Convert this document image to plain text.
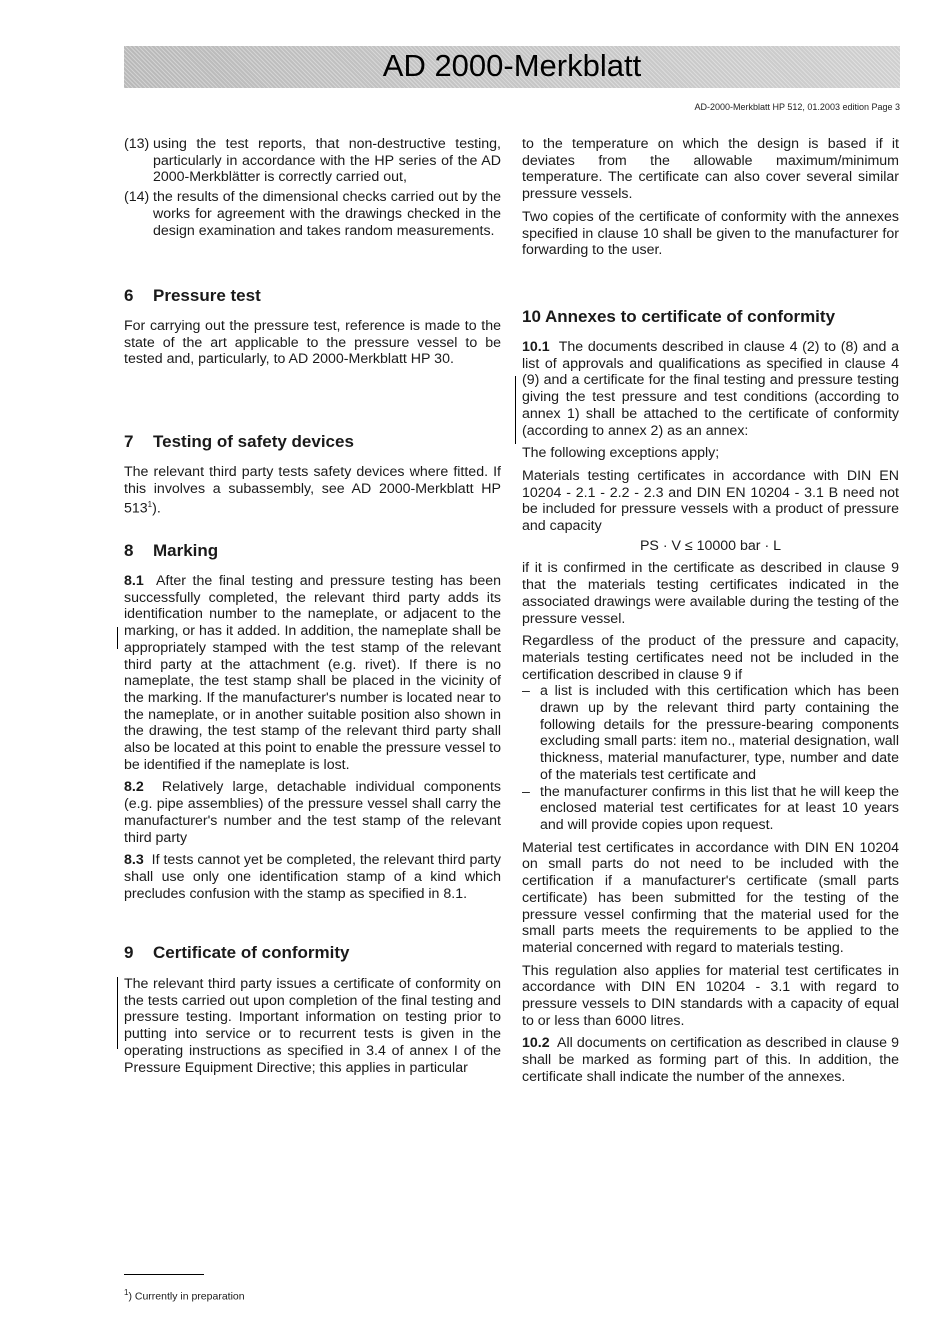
AD 2000-Merkblatt
AD-2000-Merkblatt HP 512, 01.2003 edition Page 3
(13) using the test reports, that non-destructive testing, particularly in accordance with the HP series of the AD 2000-Merkblätter is correctly carried out,
(14) the results of the dimensional checks carried out by the works for agreement with the drawings checked in the design examination and takes random measurements.
6 Pressure test

For carrying out the pressure test, reference is made to the state of the art applicable to the pressure vessel to be tested and, particularly, to AD 2000-Merkblatt HP 30.

7 Testing of safety devices

The relevant third party tests safety devices where fitted. If this involves a subassembly, see AD 2000-Merkblatt HP $513^1$).

8 Marking

8.1 After the final testing and pressure testing has been successfully completed, the relevant third party adds its identification number to the nameplate, or adjacent to the marking, or has it added. In addition, the nameplate shall be appropriately stamped with the test stamp of the relevant third party at the attachment (e.g. rivet). If there is no nameplate, the test stamp shall be placed in the vicinity of the marking. If the manufacturer's number is located near to the nameplate, or in another suitable position also shown in the drawing, the test stamp of the relevant third party shall also be located at this point to enable the pressure vessel to be identified if the nameplate is lost.

8.2 Relatively large, detachable individual components (e.g. pipe assemblies) of the pressure vessel shall carry the manufacturer's number and the test stamp of the relevant third party

8.3 If tests cannot yet be completed, the relevant third party shall use only one identification stamp of a kind which precludes confusion with the stamp as specified in 8.1.

9 Certificate of conformity

The relevant third party issues a certificate of conformity on the tests carried out upon completion of the final testing and pressure testing. Important information on testing prior to putting into service or to recurrent tests is given in the operating instructions as specified in 3.4 of annex I of the Pressure Equipment Directive; this applies in particular

to the temperature on which the design is based if it deviates from the allowable maximum/minimum temperature. The certificate can also cover several similar pressure vessels.

Two copies of the certificate of conformity with the annexes specified in clause 10 shall be given to the manufacturer for forwarding to the user.

10 Annexes to certificate of conformity

10.1 The documents described in clause 4 (2) to (8) and a list of approvals and qualifications as specified in clause 4 (9) and a certificate for the final testing and pressure testing giving the test pressure and test conditions (according to annex 1) shall be attached to the certificate of conformity (according to annex 2) as an annex:

The following exceptions apply;

Materials testing certificates in accordance with DIN EN 10204 - 2.1 - 2.2 - 2.3 and DIN EN 10204 - 3.1 B need not be included for pressure vessels with a product of pressure and capacity

PS · V ≤ 10000 bar · L

if it is confirmed in the certificate as described in clause 9 that the materials testing certificates indicated in the associated drawings were available during the testing of the pressure vessel.

Regardless of the product of the pressure and capacity, materials testing certificates need not be included in the certification described in clause 9 if

– a list is included with this certification which has been drawn up by the relevant third party containing the following details for the pressure-bearing components excluding small parts: item no., material designation, wall thickness, material manufacturer, type, number and date of the materials test certificate and
– the manufacturer confirms in this list that he will keep the enclosed material test certificates for at least 10 years and will provide copies upon request.

Material test certificates in accordance with DIN EN 10204 on small parts do not need to be included with the certification if a manufacturer's certificate (small parts certificate) has been submitted for the testing of the pressure vessel confirming that the material used for the small parts meets the requirements to be applied to the material concerned with regard to materials testing.

This regulation also applies for material test certificates in accordance with DIN EN 10204 - 3.1 with regard to pressure vessels to DIN standards with a capacity of equal to or less than 6000 litres.

10.2 All documents on certification as described in clause 9 shall be marked as forming part of this. In addition, the certificate shall indicate the number of the annexes.

$^1$) Currently in preparation
